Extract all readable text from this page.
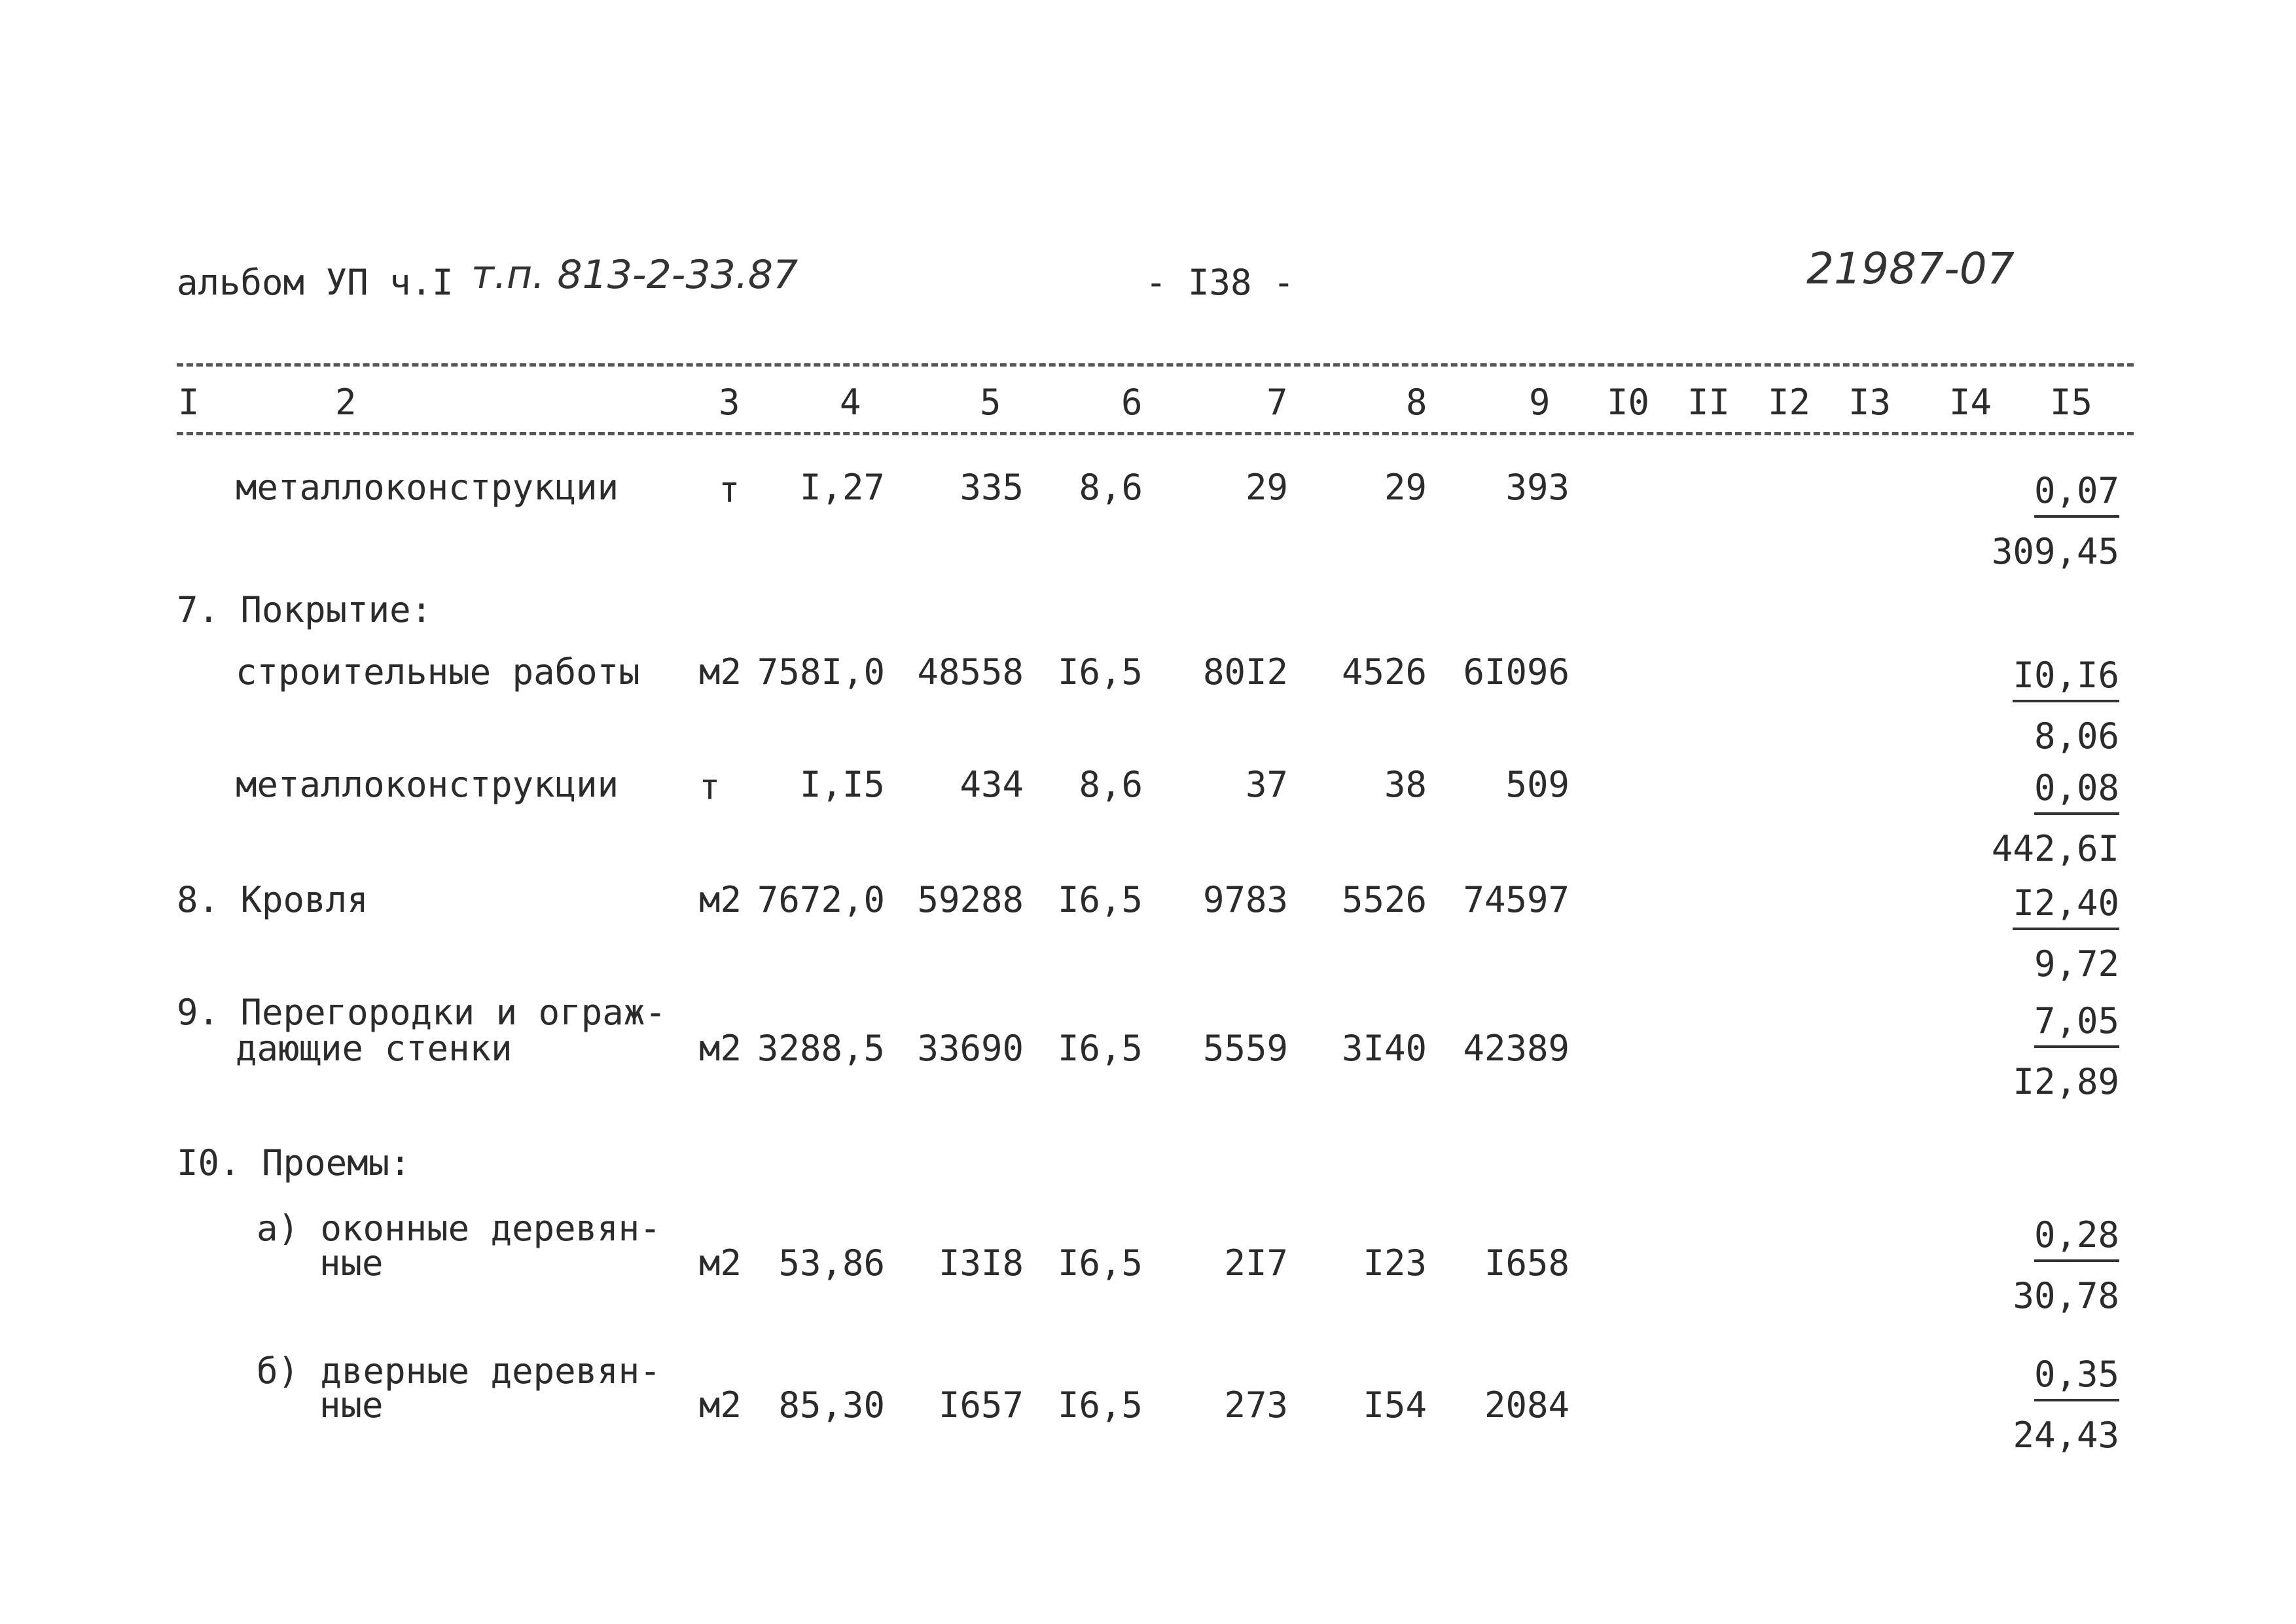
альбом УП ч.I т.п. 813-2-33.87	- I38 -	21987-07
I	2	3	4	5	6	7	8	9 I0 II I2 I3 I4 I5
металлоконструкции	т I,27 335 8,6	29	29 393	$\frac{0,07}{309,45}$
7. Покрытие:
строительные работы м2 758I,0 48558 I6,5 80I2 4526 6I096	$\frac{I0,I6}{8,06}$
металлоконструкции т I,I5 434 8,6	37	38 509	$\frac{0,08}{442,6I}$
8. Кровля	м2 7672,0 59288 I6,5 9783 5526 74597	$\frac{I2,40}{9,72}$
9. Перегородки и ограж-
дающие стенки	м2 3288,5 33690 I6,5 5559 3I40 42389	$\frac{7,05}{I2,89}$
I0. Проемы:
а) оконные деревян-
ные	м2 53,86 I3I8 I6,5 2I7 I23 I658	$\frac{0,28}{30,78}$
б) дверные деревян-
ные	м2 85,30 I657 I6,5 273 I54 2084	$\frac{0,35}{24,43}$
